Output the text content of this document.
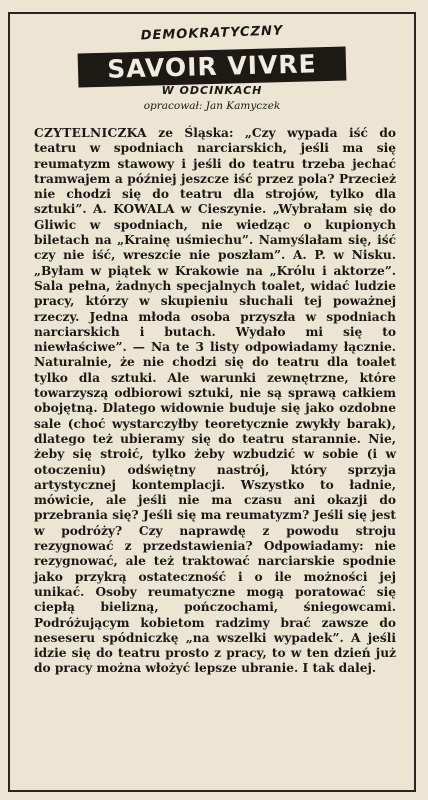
DEMOKRATYCZNY
SAVOIR VIVRE
W ODCINKACH
opracował: Jan Kamyczek
CZYTELNICZKA ze Śląska: „Czy wypada iść do teatru w spodniach narciarskich, jeśli ma się reumatyzm stawowy i jeśli do teatru trzeba jechać tramwajem a później jeszcze iść przez pola? Przecież nie chodzi się do teatru dla strojów, tylko dla sztuki”. A. KOWALA w Cieszynie. „Wybrałam się do Gliwic w spodniach, nie wiedząc o kupionych biletach na „Krainę uśmiechu”. Namyślałam się, iść czy nie iść, wreszcie nie poszłam”. A. P. w Nisku. „Byłam w piątek w Krakowie na „Królu i aktorze”. Sala pełna, żadnych specjalnych toalet, widać ludzie pracy, którzy w skupieniu słuchali tej poważnej rzeczy. Jedna młoda osoba przyszła w spodniach narciarskich i butach. Wydało mi się to niewłaściwe”. — Na te 3 listy odpowiadamy łącznie. Naturalnie, że nie chodzi się do teatru dla toalet tylko dla sztuki. Ale warunki zewnętrzne, które towarzyszą odbiorowi sztuki, nie są sprawą całkiem obojętną. Dlatego widownie buduje się jako ozdobne sale (choć wystarczyłby teoretycznie zwykły barak), dlatego też ubieramy się do teatru starannie. Nie, żeby się stroić, tylko żeby wzbudzić w sobie (i w otoczeniu) odświętny nastrój, który sprzyja artystycznej kontemplacji. Wszystko to ładnie, mówicie, ale jeśli nie ma czasu ani okazji do przebrania się? Jeśli się ma reumatyzm? Jeśli się jest w podróży? Czy naprawdę z powodu stroju rezygnować z przedstawienia? Odpowiadamy: nie rezygnować, ale też traktować narciarskie spodnie jako przykrą ostateczność i o ile możności jej unikać. Osoby reumatyczne mogą poratować się ciepłą bielizną, pończochami, śniegowcami. Podróżującym kobietom radzimy brać zawsze do neseseru spódniczkę „na wszelki wypadek”. A jeśli idzie się do teatru prosto z pracy, to w ten dzień już do pracy można włożyć lepsze ubranie. I tak dalej.
